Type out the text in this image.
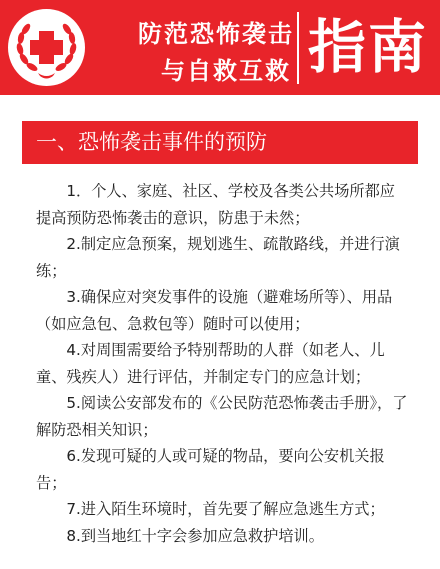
防范恐怖袭击
与自救互救 指南
一、恐怖袭击事件的预防

1．个人、家庭、社区、学校及各类公共场所都应提高预防恐怖袭击的意识，防患于未然；

2.制定应急预案，规划逃生、疏散路线，并进行演练；

3.确保应对突发事件的设施（避难场所等）、用品（如应急包、急救包等）随时可以使用；

4.对周围需要给予特别帮助的人群（如老人、儿童、残疾人）进行评估，并制定专门的应急计划；

5.阅读公安部发布的《公民防范恐怖袭击手册》，了解防恐相关知识；

6.发现可疑的人或可疑的物品，要向公安机关报告；

7.进入陌生环境时，首先要了解应急逃生方式；

8.到当地红十字会参加应急救护培训。
